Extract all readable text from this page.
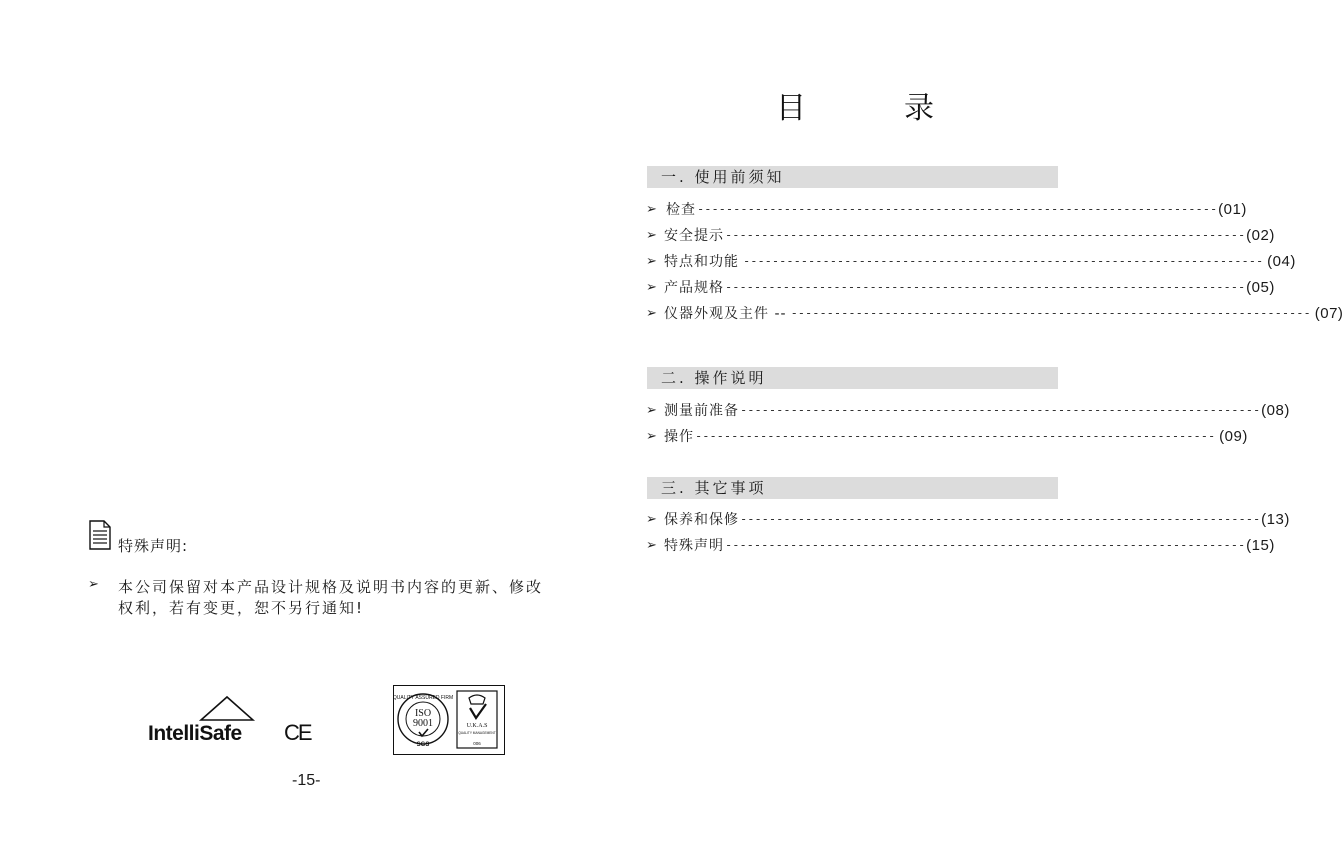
特殊声明:
➢ 本公司保留对本产品设计规格及说明书内容的更新、修改权利，若有变更，恕不另行通知!
IntelliSafe CE
QUALITY ASSURED FIRM
ISO
9001
SGS
U.K.A.S
QUALITY MANAGEMENT
006
-15-
目	录
一. 使用前须知
➢ 检查 ------------------------------------------------------------------------ (01)
➢ 安全提示 ------------------------------------------------------------------------ (02)
➢ 特点和功能 ------------------------------------------------------------------------ (04)
➢ 产品规格 ------------------------------------------------------------------------ (05)
➢ 仪器外观及主件 -- ------------------------------------------------------------------------ (07)
二. 操作说明
➢ 测量前准备 ------------------------------------------------------------------------ (08)
➢ 操作 ------------------------------------------------------------------------ (09)
三. 其它事项
➢ 保养和保修 ------------------------------------------------------------------------ (13)
➢ 特殊声明 ------------------------------------------------------------------------ (15)
